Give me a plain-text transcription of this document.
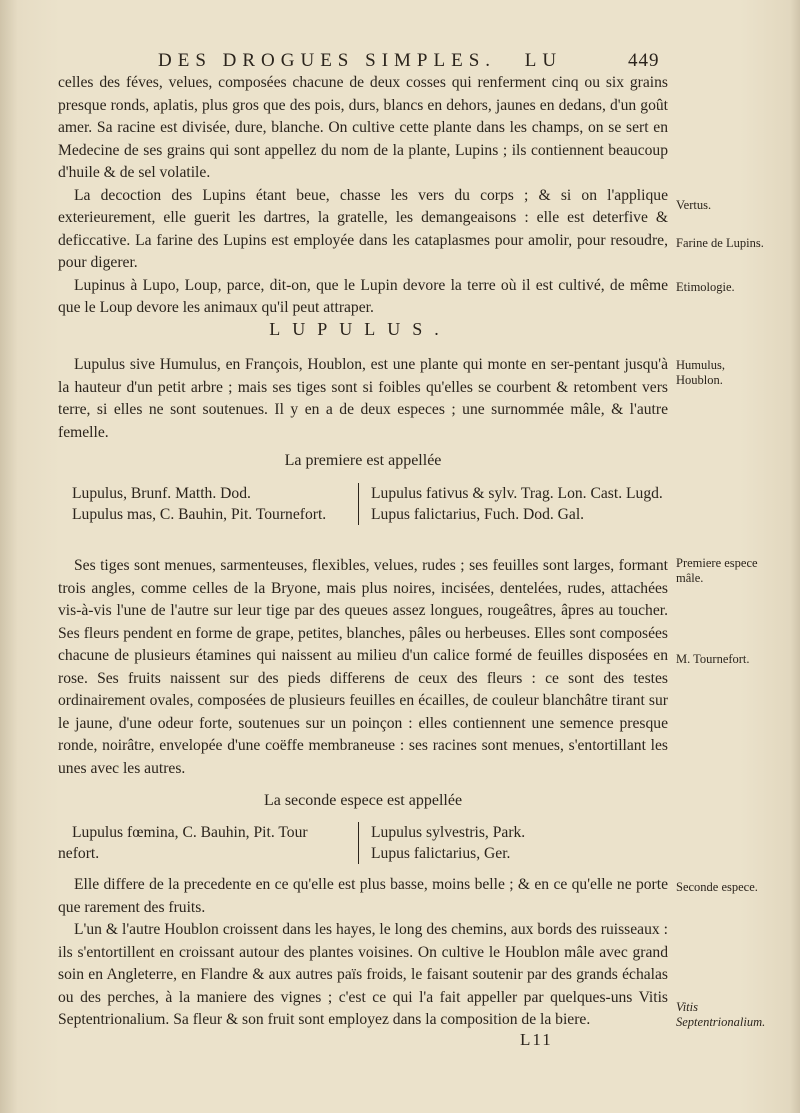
DES DROGUES SIMPLES. LU	449

celles des féves, velues, composées chacune de deux cosses qui renferment cinq ou six grains presque ronds, aplatis, plus gros que des pois, durs, blancs en dehors, jaunes en dedans, d'un goût amer. Sa racine est divisée, dure, blanche. On cultive cette plante dans les champs, on se sert en Medecine de ses grains qui sont appellez du nom de la plante, Lupins ; ils contiennent beaucoup d'huile & de sel volatile.

La decoction des Lupins étant beue, chasse les vers du corps ; & si on l'applique exterieurement, elle guerit les dartres, la gratelle, les demangeaisons : elle est deterfive & deficcative. La farine des Lupins est employée dans les cataplasmes pour amolir, pour resoudre, pour digerer.

Lupinus à Lupo, Loup, parce, dit-on, que le Lupin devore la terre où il est cultivé, de même que le Loup devore les animaux qu'il peut attraper.

LUPULUS.

Lupulus sive Humulus, en François, Houblon, est une plante qui monte en ser-pentant jusqu'à la hauteur d'un petit arbre ; mais ses tiges sont si foibles qu'elles se courbent & retombent vers terre, si elles ne sont soutenues. Il y en a de deux especes ; une surnommée mâle, & l'autre femelle.

La premiere est appellée
Lupulus, Brunf. Matth. Dod.
Lupulus mas, C. Bauhin, Pit. Tournefort.
Lupulus fativus & sylv. Trag. Lon. Cast. Lugd.
Lupus falictarius, Fuch. Dod. Gal.

Ses tiges sont menues, sarmenteuses, flexibles, velues, rudes ; ses feuilles sont larges, formant trois angles, comme celles de la Bryone, mais plus noires, incisées, dentelées, rudes, attachées vis-à-vis l'une de l'autre sur leur tige par des queues assez longues, rougeâtres, âpres au toucher. Ses fleurs pendent en forme de grape, petites, blanches, pâles ou herbeuses. Elles sont composées chacune de plusieurs étamines qui naissent au milieu d'un calice formé de feuilles disposées en rose. Ses fruits naissent sur des pieds differens de ceux des fleurs : ce sont des testes ordinairement ovales, composées de plusieurs feuilles en écailles, de couleur blanchâtre tirant sur le jaune, d'une odeur forte, soutenues sur un poinçon : elles contiennent une semence presque ronde, noirâtre, envelopée d'une coëffe membraneuse : ses racines sont menues, s'entortillant les unes avec les autres.

La seconde espece est appellée
Lupulus fœmina, C. Bauhin, Pit. Tour nefort.
Lupulus sylvestris, Park.
Lupus falictarius, Ger.

Elle differe de la precedente en ce qu'elle est plus basse, moins belle ; & en ce qu'elle ne porte que rarement des fruits.

L'un & l'autre Houblon croissent dans les hayes, le long des chemins, aux bords des ruisseaux : ils s'entortillent en croissant autour des plantes voisines. On cultive le Houblon mâle avec grand soin en Angleterre, en Flandre & aux autres païs froids, le faisant soutenir par des grands échalas ou des perches, à la maniere des vignes ; c'est ce qui l'a fait appeller par quelques-uns Vitis Septentrionalium. Sa fleur & son fruit sont employez dans la composition de la biere.

Vertus.
Farine de Lupins.
Etimologie.
Humulus, Houblon.
Premiere espece mâle.
M. Tournefort.
Seconde espece.
Vitis Septentrionalium.
L11
